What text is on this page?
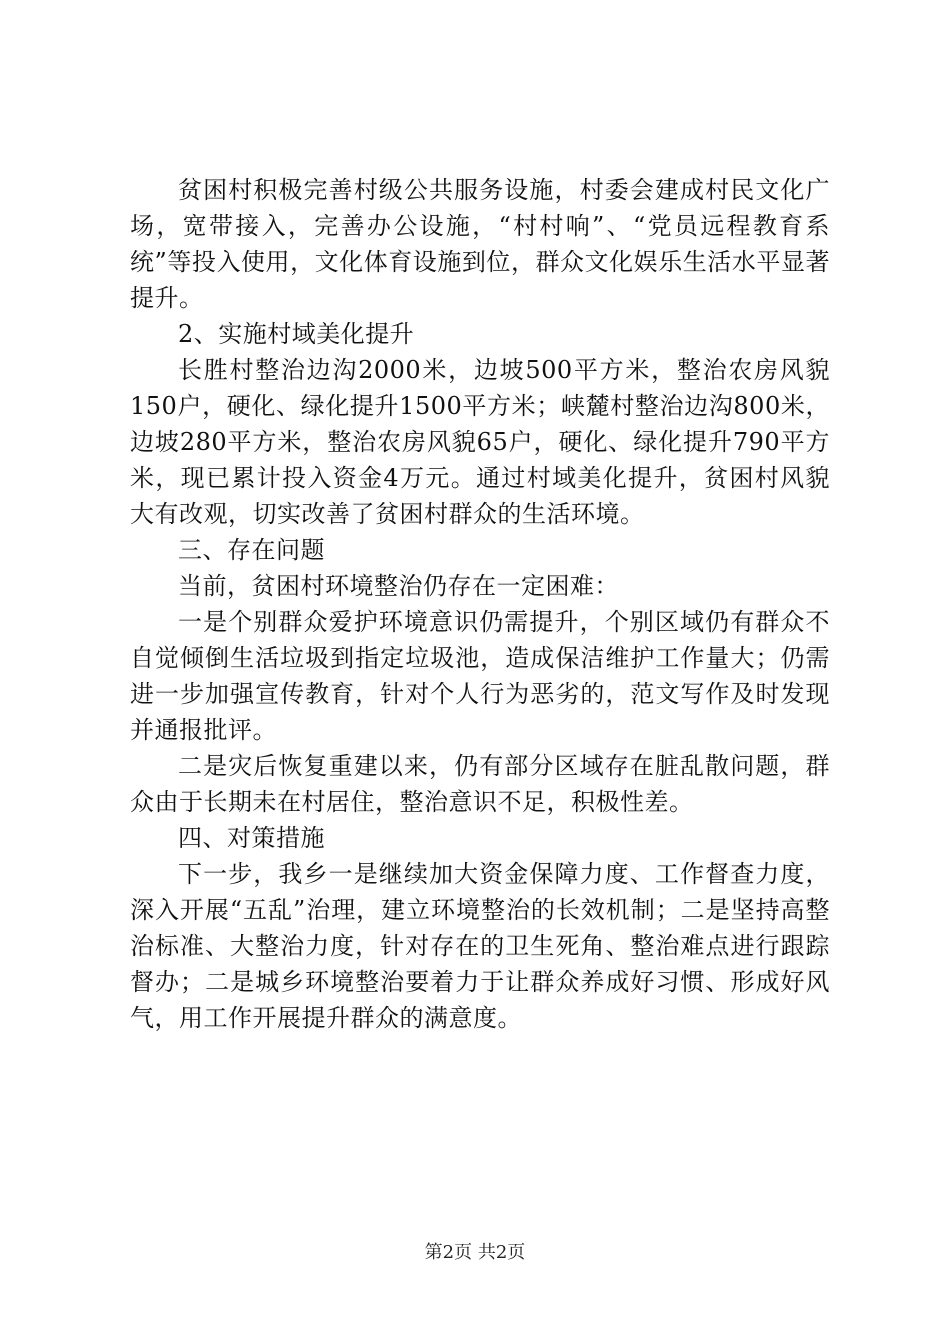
贫困村积极完善村级公共服务设施，村委会建成村民文化广场，宽带接入，完善办公设施，“村村响”、“党员远程教育系统”等投入使用，文化体育设施到位，群众文化娱乐生活水平显著提升。

2、实施村域美化提升

长胜村整治边沟2000米，边坡500平方米，整治农房风貌150户，硬化、绿化提升1500平方米；峡麓村整治边沟800米，边坡280平方米，整治农房风貌65户，硬化、绿化提升790平方米，现已累计投入资金4万元。通过村域美化提升，贫困村风貌大有改观，切实改善了贫困村群众的生活环境。

三、存在问题

当前，贫困村环境整治仍存在一定困难：

一是个别群众爱护环境意识仍需提升，个别区域仍有群众不自觉倾倒生活垃圾到指定垃圾池，造成保洁维护工作量大；仍需进一步加强宣传教育，针对个人行为恶劣的，范文写作及时发现并通报批评。

二是灾后恢复重建以来，仍有部分区域存在脏乱散问题，群众由于长期未在村居住，整治意识不足，积极性差。

四、对策措施

下一步，我乡一是继续加大资金保障力度、工作督查力度，深入开展“五乱”治理，建立环境整治的长效机制；二是坚持高整治标准、大整治力度，针对存在的卫生死角、整治难点进行跟踪督办；二是城乡环境整治要着力于让群众养成好习惯、形成好风气，用工作开展提升群众的满意度。

第2页 共2页
